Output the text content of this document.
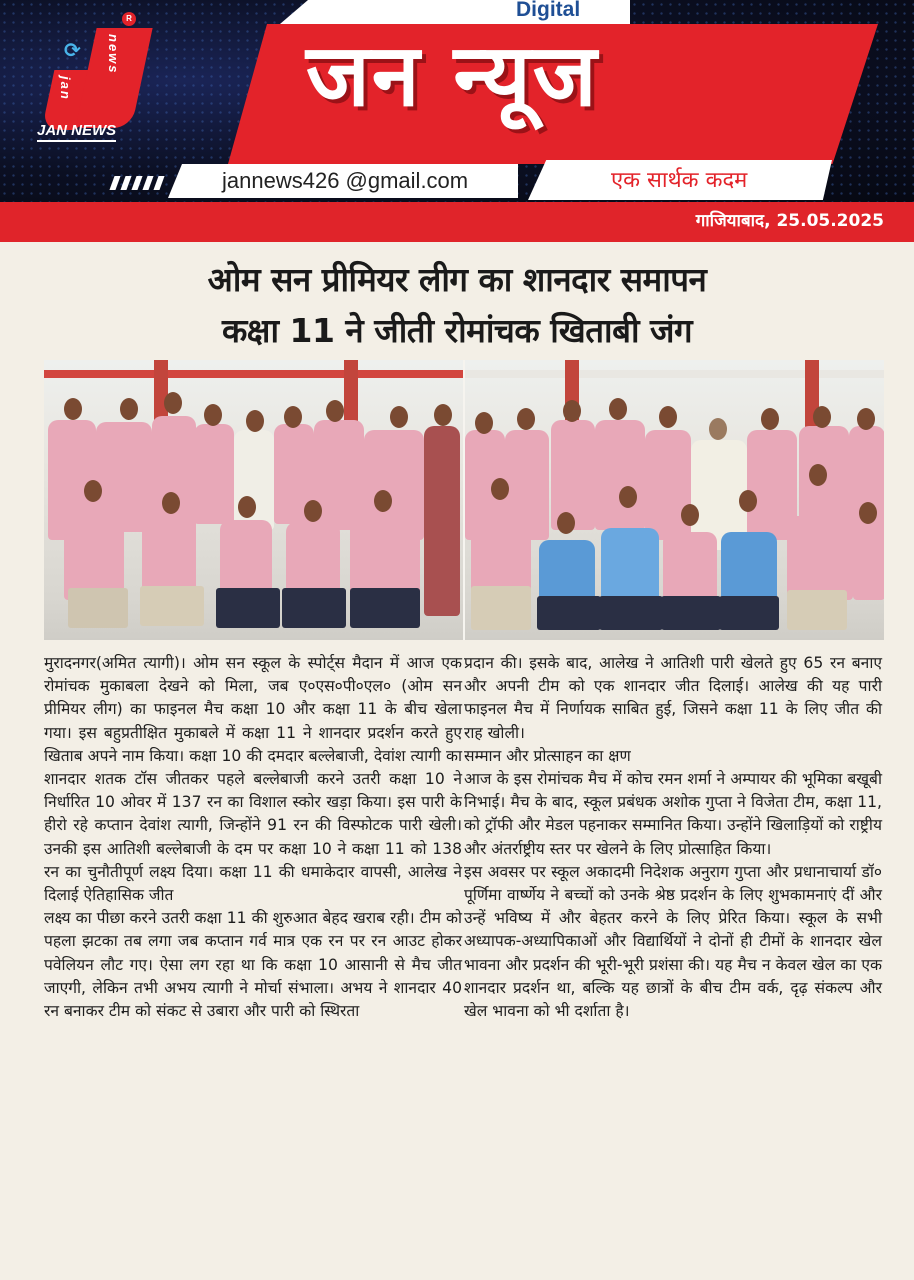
Digital
जन न्यूज
R
⟳
jan
news
JAN NEWS
jannews426 @gmail.com	एक सार्थक कदम
गाजियाबाद, 25.05.2025
ओम सन प्रीमियर लीग का शानदार समापन
कक्षा 11 ने जीती रोमांचक खिताबी जंग

मुरादनगर(अमित त्यागी)। ओम सन स्कूल के स्पोर्ट्स मैदान में आज एक रोमांचक मुकाबला देखने को मिला, जब ए०एस०पी०एल० (ओम सन प्रीमियर लीग) का फाइनल मैच कक्षा 10 और कक्षा 11 के बीच खेला गया। इस बहुप्रतीक्षित मुकाबले में कक्षा 11 ने शानदार प्रदर्शन करते हुए खिताब अपने नाम किया। कक्षा 10 की दमदार बल्लेबाजी, देवांश त्यागी का शानदार शतक टॉस जीतकर पहले बल्लेबाजी करने उतरी कक्षा 10 ने निर्धारित 10 ओवर में 137 रन का विशाल स्कोर खड़ा किया। इस पारी के हीरो रहे कप्तान देवांश त्यागी, जिन्होंने 91 रन की विस्फोटक पारी खेली। उनकी इस आतिशी बल्लेबाजी के दम पर कक्षा 10 ने कक्षा 11 को 138 रन का चुनौतीपूर्ण लक्ष्य दिया। कक्षा 11 की धमाकेदार वापसी, आलेख ने दिलाई ऐतिहासिक जीत

लक्ष्य का पीछा करने उतरी कक्षा 11 की शुरुआत बेहद खराब रही। टीम को पहला झटका तब लगा जब कप्तान गर्व मात्र एक रन पर रन आउट होकर पवेलियन लौट गए। ऐसा लग रहा था कि कक्षा 10 आसानी से मैच जीत जाएगी, लेकिन तभी अभय त्यागी ने मोर्चा संभाला। अभय ने शानदार 40 रन बनाकर टीम को संकट से उबारा और पारी को स्थिरता

प्रदान की। इसके बाद, आलेख ने आतिशी पारी खेलते हुए 65 रन बनाए और अपनी टीम को एक शानदार जीत दिलाई। आलेख की यह पारी फाइनल मैच में निर्णायक साबित हुई, जिसने कक्षा 11 के लिए जीत की राह खोली।

सम्मान और प्रोत्साहन का क्षण

आज के इस रोमांचक मैच में कोच रमन शर्मा ने अम्पायर की भूमिका बखूबी निभाई। मैच के बाद, स्कूल प्रबंधक अशोक गुप्ता ने विजेता टीम, कक्षा 11, को ट्रॉफी और मेडल पहनाकर सम्मानित किया। उन्होंने खिलाड़ियों को राष्ट्रीय और अंतर्राष्ट्रीय स्तर पर खेलने के लिए प्रोत्साहित किया।

इस अवसर पर स्कूल अकादमी निदेशक अनुराग गुप्ता और प्रधानाचार्या डॉ० पूर्णिमा वार्ष्णेय ने बच्चों को उनके श्रेष्ठ प्रदर्शन के लिए शुभकामनाएं दीं और उन्हें भविष्य में और बेहतर करने के लिए प्रेरित किया। स्कूल के सभी अध्यापक-अध्यापिकाओं और विद्यार्थियों ने दोनों ही टीमों के शानदार खेल भावना और प्रदर्शन की भूरी-भूरी प्रशंसा की। यह मैच न केवल खेल का एक शानदार प्रदर्शन था, बल्कि यह छात्रों के बीच टीम वर्क, दृढ़ संकल्प और खेल भावना को भी दर्शाता है।
